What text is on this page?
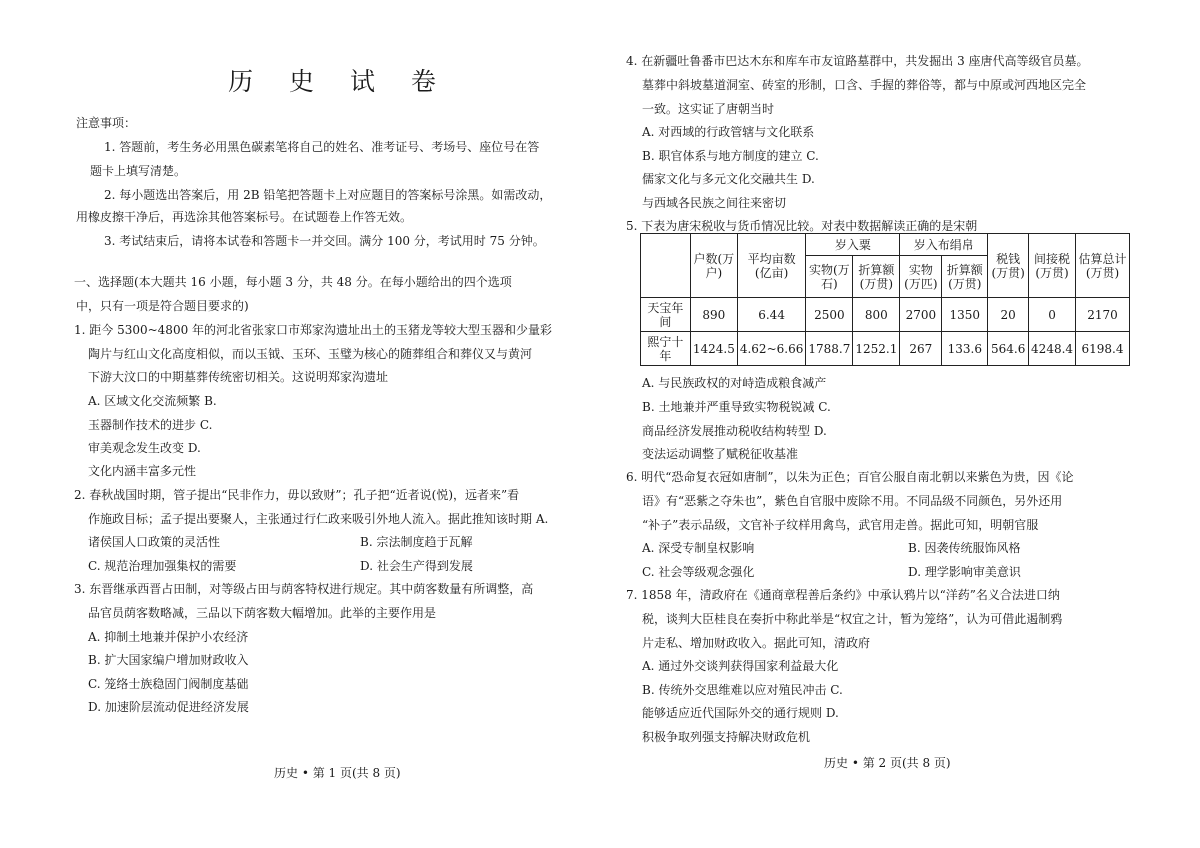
历 史 试 卷
注意事项：
1. 答题前，考生务必用黑色碳素笔将自己的姓名、准考证号、考场号、座位号在答
题卡上填写清楚。
2. 每小题选出答案后，用 2B 铅笔把答题卡上对应题目的答案标号涂黑。如需改动，
用橡皮擦干净后，再选涂其他答案标号。在试题卷上作答无效。
3. 考试结束后，请将本试卷和答题卡一并交回。满分 100 分，考试用时 75 分钟。
一、选择题(本大题共 16 小题，每小题 3 分，共 48 分。在每小题给出的四个选项
中，只有一项是符合题目要求的)
1. 距今 5300~4800 年的河北省张家口市郑家沟遗址出土的玉猪龙等较大型玉器和少量彩
陶片与红山文化高度相似，而以玉钺、玉环、玉璧为核心的随葬组合和葬仪又与黄河
下游大汶口的中期墓葬传统密切相关。这说明郑家沟遗址
A. 区域文化交流频繁 B.
玉器制作技术的进步 C.
审美观念发生改变 D.
文化内涵丰富多元性
2. 春秋战国时期，管子提出“民非作力，毋以致财”；孔子把“近者说(悦)，远者来”看
作施政目标；孟子提出要聚人，主张通过行仁政来吸引外地人流入。据此推知该时期 A.
诸侯国人口政策的灵活性	B. 宗法制度趋于瓦解
C. 规范治理加强集权的需要	D. 社会生产得到发展
3. 东晋继承西晋占田制，对等级占田与荫客特权进行规定。其中荫客数量有所调整，高
品官员荫客数略减，三品以下荫客数大幅增加。此举的主要作用是
A. 抑制土地兼并保护小农经济
B. 扩大国家编户增加财政收入
C. 笼络士族稳固门阀制度基础
D. 加速阶层流动促进经济发展
历史 • 第 1 页(共 8 页)
4. 在新疆吐鲁番市巴达木东和库车市友谊路墓群中，共发掘出 3 座唐代高等级官员墓。
墓葬中斜坡墓道洞室、砖室的形制，口含、手握的葬俗等，都与中原或河西地区完全
一致。这实证了唐朝当时
A. 对西域的行政管辖与文化联系
B. 职官体系与地方制度的建立 C.
儒家文化与多元文化交融共生 D.
与西域各民族之间往来密切
5. 下表为唐宋税收与货币情况比较。对表中数据解读正确的是宋朝
	户数(万户)	平均亩数(亿亩)	岁入粟		岁入布绢帛		税钱(万贯)	间接税(万贯)	估算总计(万贯)
			实物(万石)	折算额(万贯)	实物(万匹)	折算额(万贯)			
天宝年间	890	6.44	2500	800	2700	1350	20	0	2170
熙宁十年	1424.5	4.62~6.66	1788.7	1252.1	267	133.6	564.6	4248.4	6198.4
A. 与民族政权的对峙造成粮食减产
B. 土地兼并严重导致实物税锐减 C.
商品经济发展推动税收结构转型 D.
变法运动调整了赋税征收基准
6. 明代“恐命复衣冠如唐制”，以朱为正色；百官公服自南北朝以来紫色为贵，因《论
语》有“恶紫之夺朱也”，紫色自官服中废除不用。不同品级不同颜色，另外还用
“补子”表示品级，文官补子纹样用禽鸟，武官用走兽。据此可知，明朝官服
A. 深受专制皇权影响	B. 因袭传统服饰风格
C. 社会等级观念强化	D. 理学影响审美意识
7. 1858 年，清政府在《通商章程善后条约》中承认鸦片以“洋药”名义合法进口纳
税，谈判大臣桂良在奏折中称此举是“权宜之计，暂为笼络”，认为可借此遏制鸦
片走私、增加财政收入。据此可知，清政府
A. 通过外交谈判获得国家利益最大化
B. 传统外交思维难以应对殖民冲击 C.
能够适应近代国际外交的通行规则 D.
积极争取列强支持解决财政危机
历史 • 第 2 页(共 8 页)
